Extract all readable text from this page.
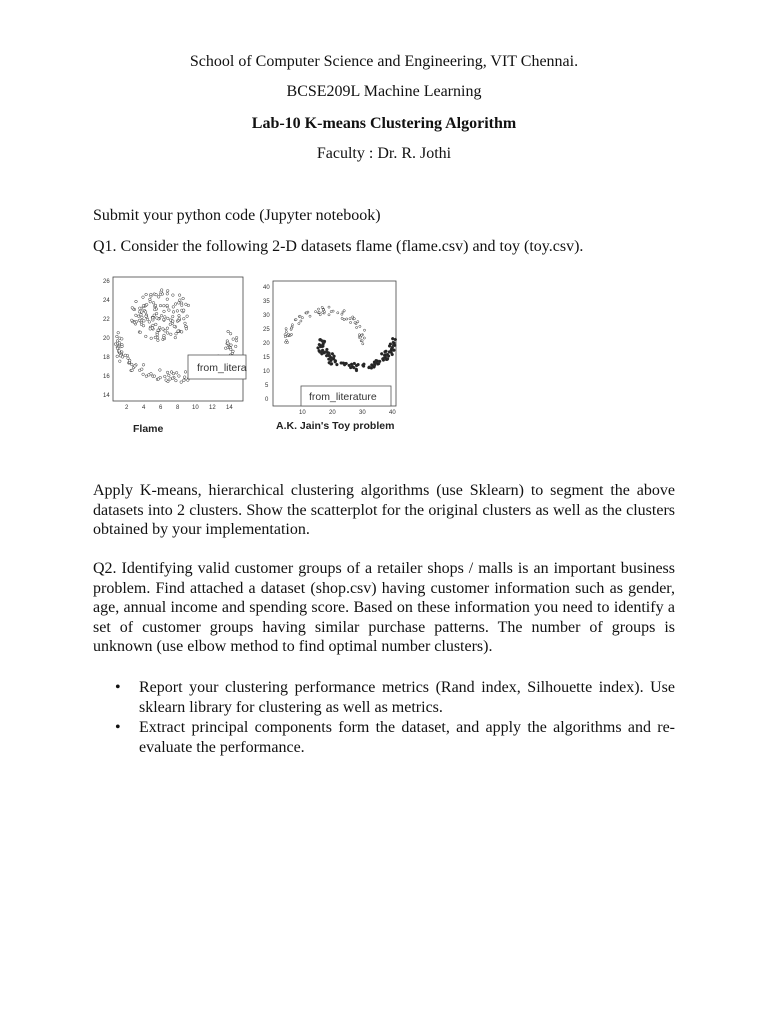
School of Computer Science and Engineering, VIT Chennai.
BCSE209L Machine Learning
Lab-10 K-means Clustering Algorithm
Faculty : Dr. R. Jothi
Submit your python code (Jupyter notebook)
Q1. Consider the following 2-D datasets flame (flame.csv) and toy (toy.csv).
26
24
22
20
18
16
14
2 4 6 8 10 12 14
from_litera
Flame
40
35
30
25
20
15
10
5
0
10	20	30	40
from_literature
A.K. Jain's Toy problem
Apply K-means, hierarchical clustering algorithms (use Sklearn) to segment the above datasets into 2 clusters. Show the scatterplot for the original clusters as well as the clusters obtained by your implementation.
Q2. Identifying valid customer groups of a retailer shops / malls is an important business problem. Find attached a dataset (shop.csv) having customer information such as gender, age, annual income and spending score. Based on these information you need to identify a set of customer groups having similar purchase patterns. The number of groups is unknown (use elbow method to find optimal number clusters).
• Report your clustering performance metrics (Rand index, Silhouette index). Use sklearn library for clustering as well as metrics.
• Extract principal components form the dataset, and apply the algorithms and re-evaluate the performance.
